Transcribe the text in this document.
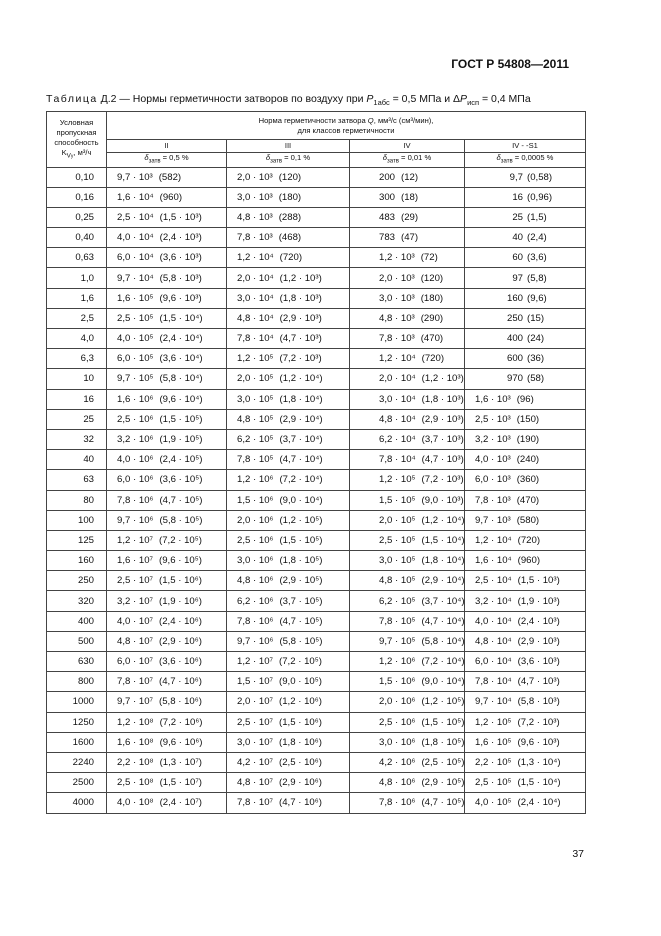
ГОСТ Р 54808—2011
Таблица Д.2 — Нормы герметичности затворов по воздуху при $P_{1абс} = 0,5$ МПа и $\Delta P_{исп} = 0,4$ МПа
Условная пропускная способность $K_{Vу}$, м³/ч	Норма герметичности затвора Q, мм³/с (см³/мин),
для классов герметичности			
	II	III	IV	IV - -S1
	$\delta_{затв} = 0,5$ %	$\delta_{затв} = 0,1$ %	$\delta_{затв} = 0,01$ %	$\delta_{затв} = 0,0005$ %
0,10	9,7 · 10³ (582)	2,0 · 10³ (120)	200 (12)	9,7 (0,58)
0,16	1,6 · 10⁴ (960)	3,0 · 10³ (180)	300 (18)	16 (0,96)
0,25	2,5 · 10⁴ (1,5 · 10³)	4,8 · 10³ (288)	483 (29)	25 (1,5)
0,40	4,0 · 10⁴ (2,4 · 10³)	7,8 · 10³ (468)	783 (47)	40 (2,4)
0,63	6,0 · 10⁴ (3,6 · 10³)	1,2 · 10⁴ (720)	1,2 · 10³ (72)	60 (3,6)
1,0	9,7 · 10⁴ (5,8 · 10³)	2,0 · 10⁴ (1,2 · 10³)	2,0 · 10³ (120)	97 (5,8)
1,6	1,6 · 10⁵ (9,6 · 10³)	3,0 · 10⁴ (1,8 · 10³)	3,0 · 10³ (180)	160 (9,6)
2,5	2,5 · 10⁵ (1,5 · 10⁴)	4,8 · 10⁴ (2,9 · 10³)	4,8 · 10³ (290)	250 (15)
4,0	4,0 · 10⁵ (2,4 · 10⁴)	7,8 · 10⁴ (4,7 · 10³)	7,8 · 10³ (470)	400 (24)
6,3	6,0 · 10⁵ (3,6 · 10⁴)	1,2 · 10⁵ (7,2 · 10³)	1,2 · 10⁴ (720)	600 (36)
10	9,7 · 10⁵ (5,8 · 10⁴)	2,0 · 10⁵ (1,2 · 10⁴)	2,0 · 10⁴ (1,2 · 10³)	970 (58)
16	1,6 · 10⁶ (9,6 · 10⁴)	3,0 · 10⁵ (1,8 · 10⁴)	3,0 · 10⁴ (1,8 · 10³)	1,6 · 10³ (96)
25	2,5 · 10⁶ (1,5 · 10⁵)	4,8 · 10⁵ (2,9 · 10⁴)	4,8 · 10⁴ (2,9 · 10³)	2,5 · 10³ (150)
32	3,2 · 10⁶ (1,9 · 10⁵)	6,2 · 10⁵ (3,7 · 10⁴)	6,2 · 10⁴ (3,7 · 10³)	3,2 · 10³ (190)
40	4,0 · 10⁶ (2,4 · 10⁵)	7,8 · 10⁵ (4,7 · 10⁴)	7,8 · 10⁴ (4,7 · 10³)	4,0 · 10³ (240)
63	6,0 · 10⁶ (3,6 · 10⁵)	1,2 · 10⁶ (7,2 · 10⁴)	1,2 · 10⁵ (7,2 · 10³)	6,0 · 10³ (360)
80	7,8 · 10⁶ (4,7 · 10⁵)	1,5 · 10⁶ (9,0 · 10⁴)	1,5 · 10⁵ (9,0 · 10³)	7,8 · 10³ (470)
100	9,7 · 10⁶ (5,8 · 10⁵)	2,0 · 10⁶ (1,2 · 10⁵)	2,0 · 10⁵ (1,2 · 10⁴)	9,7 · 10³ (580)
125	1,2 · 10⁷ (7,2 · 10⁵)	2,5 · 10⁶ (1,5 · 10⁵)	2,5 · 10⁵ (1,5 · 10⁴)	1,2 · 10⁴ (720)
160	1,6 · 10⁷ (9,6 · 10⁵)	3,0 · 10⁶ (1,8 · 10⁵)	3,0 · 10⁵ (1,8 · 10⁴)	1,6 · 10⁴ (960)
250	2,5 · 10⁷ (1,5 · 10⁶)	4,8 · 10⁶ (2,9 · 10⁵)	4,8 · 10⁵ (2,9 · 10⁴)	2,5 · 10⁴ (1,5 · 10³)
320	3,2 · 10⁷ (1,9 · 10⁶)	6,2 · 10⁶ (3,7 · 10⁵)	6,2 · 10⁵ (3,7 · 10⁴)	3,2 · 10⁴ (1,9 · 10³)
400	4,0 · 10⁷ (2,4 · 10⁶)	7,8 · 10⁶ (4,7 · 10⁵)	7,8 · 10⁵ (4,7 · 10⁴)	4,0 · 10⁴ (2,4 · 10³)
500	4,8 · 10⁷ (2,9 · 10⁶)	9,7 · 10⁶ (5,8 · 10⁵)	9,7 · 10⁵ (5,8 · 10⁴)	4,8 · 10⁴ (2,9 · 10³)
630	6,0 · 10⁷ (3,6 · 10⁶)	1,2 · 10⁷ (7,2 · 10⁵)	1,2 · 10⁶ (7,2 · 10⁴)	6,0 · 10⁴ (3,6 · 10³)
800	7,8 · 10⁷ (4,7 · 10⁶)	1,5 · 10⁷ (9,0 · 10⁵)	1,5 · 10⁶ (9,0 · 10⁴)	7,8 · 10⁴ (4,7 · 10³)
1000	9,7 · 10⁷ (5,8 · 10⁶)	2,0 · 10⁷ (1,2 · 10⁶)	2,0 · 10⁶ (1,2 · 10⁵)	9,7 · 10⁴ (5,8 · 10³)
1250	1,2 · 10⁸ (7,2 · 10⁶)	2,5 · 10⁷ (1,5 · 10⁶)	2,5 · 10⁶ (1,5 · 10⁵)	1,2 · 10⁵ (7,2 · 10³)
1600	1,6 · 10⁸ (9,6 · 10⁶)	3,0 · 10⁷ (1,8 · 10⁶)	3,0 · 10⁶ (1,8 · 10⁵)	1,6 · 10⁵ (9,6 · 10³)
2240	2,2 · 10⁸ (1,3 · 10⁷)	4,2 · 10⁷ (2,5 · 10⁶)	4,2 · 10⁶ (2,5 · 10⁵)	2,2 · 10⁵ (1,3 · 10⁴)
2500	2,5 · 10⁸ (1,5 · 10⁷)	4,8 · 10⁷ (2,9 · 10⁶)	4,8 · 10⁶ (2,9 · 10⁵)	2,5 · 10⁵ (1,5 · 10⁴)
4000	4,0 · 10⁸ (2,4 · 10⁷)	7,8 · 10⁷ (4,7 · 10⁶)	7,8 · 10⁶ (4,7 · 10⁵)	4,0 · 10⁵ (2,4 · 10⁴)
37
